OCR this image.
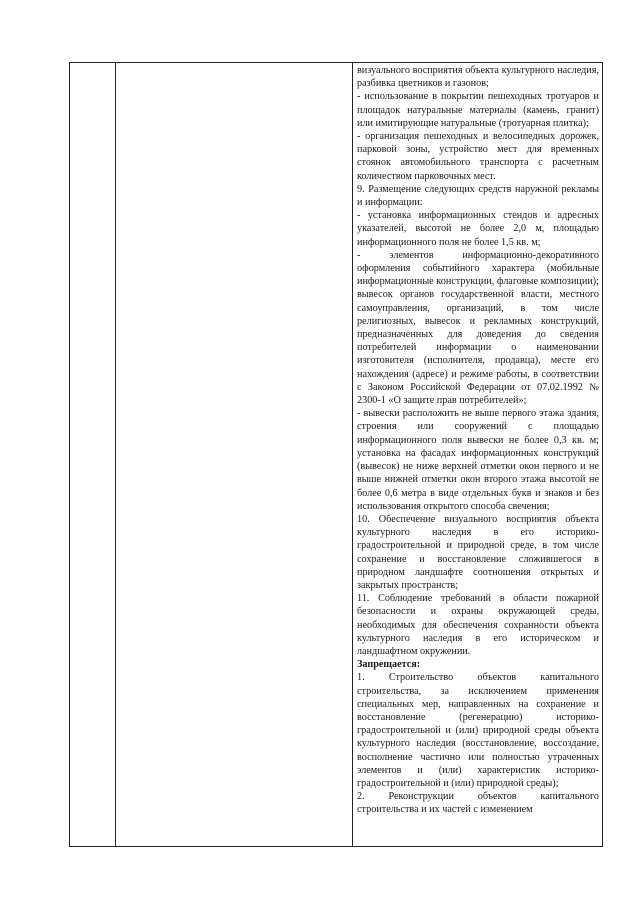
визуального восприятия объекта культурного наследия, разбивка цветников и газонов;

- использование в покрытии пешеходных тротуаров и площадок натуральные материалы (камень, гранит) или имитирующие натуральные (тротуарная плитка);

- организация пешеходных и велосипедных дорожек, парковой зоны, устройство мест для временных стоянок автомобильного транспорта с расчетным количеством парковочных мест.

9. Размещение следующих средств наружной рекламы и информации:

- установка информационных стендов и адресных указателей, высотой не более 2,0 м, площадью информационного поля не более 1,5 кв. м;

- элементов информационно-декоративного оформления событийного характера (мобильные информационные конструкции, флаговые композиции); вывесок органов государственной власти, местного самоуправления, организаций, в том числе религиозных, вывесок и рекламных конструкций, предназначенных для доведения до сведения потребителей информации о наименовании изготовителя (исполнителя, продавца), месте его нахождения (адресе) и режиме работы, в соответствии с Законом Российской Федерации от 07.02.1992 № 2300-1 «О защите прав потребителей»;

- вывески расположить не выше первого этажа здания, строения или сооружений с площадью информационного поля вывески не более 0,3 кв. м; установка на фасадах информационных конструкций (вывесок) не ниже верхней отметки окон первого и не выше нижней отметки окон второго этажа высотой не более 0,6 метра в виде отдельных букв и знаков и без использования открытого способа свечения;

10. Обеспечение визуального восприятия объекта культурного наследия в его историко-градостроительной и природной среде, в том числе сохранение и восстановление сложившегося в природном ландшафте соотношения открытых и закрытых пространств;

11. Соблюдение требований в области пожарной безопасности и охраны окружающей среды, необходимых для обеспечения сохранности объекта культурного наследия в его историческом и ландшафтном окружении.

Запрещается:

1. Строительство объектов капитального строительства, за исключением применения специальных мер, направленных на сохранение и восстановление (регенерацию) историко-градостроительной и (или) природной среды объекта культурного наследия (восстановление, воссоздание, восполнение частично или полностью утраченных элементов и (или) характеристик историко-градостроительной и (или) природной среды);

2. Реконструкции объектов капитального строительства и их частей с изменением
